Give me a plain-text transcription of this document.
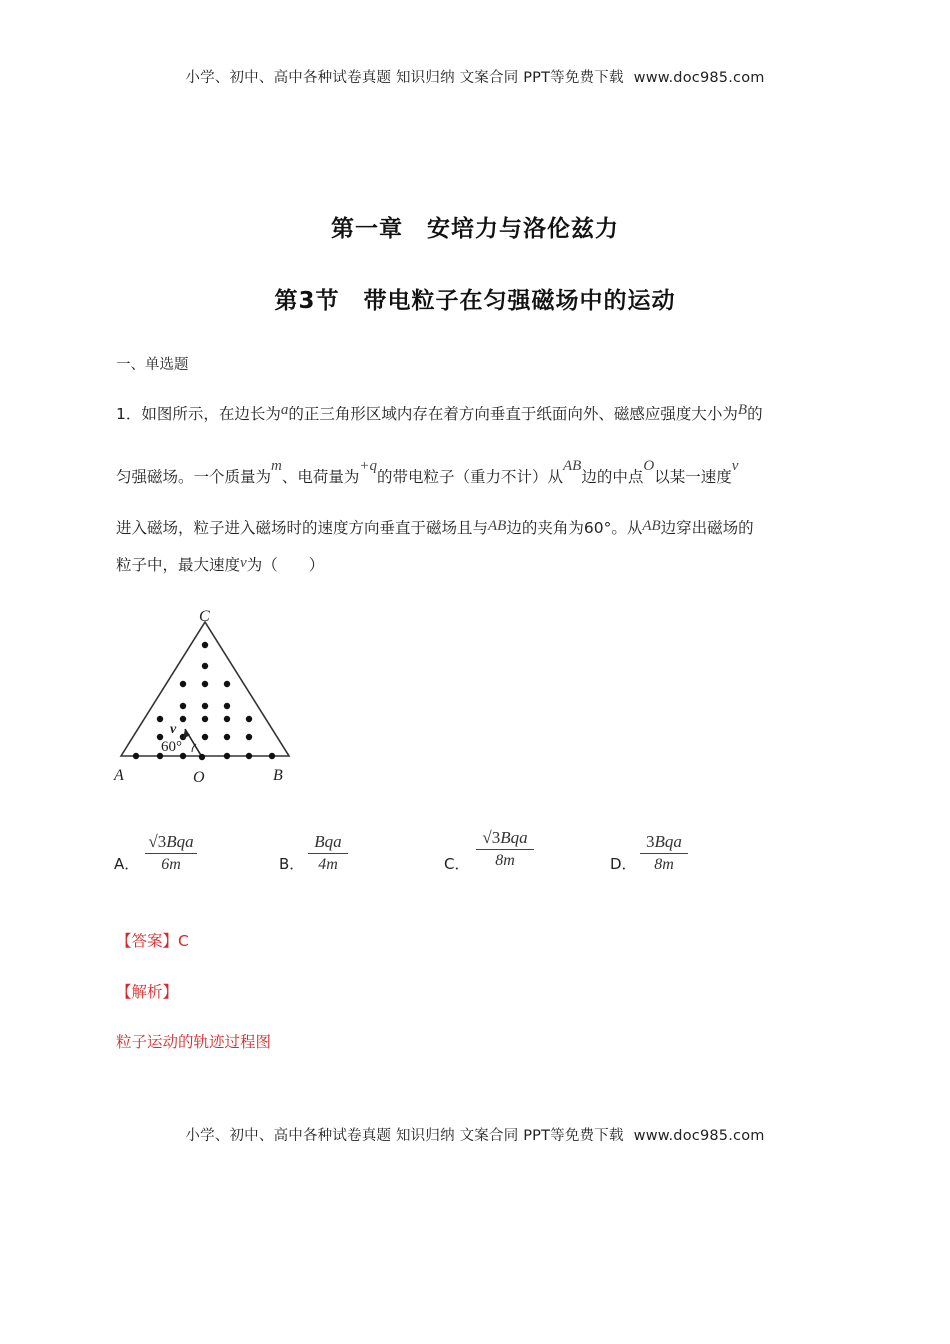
小学、初中、高中各种试卷真题 知识归纳 文案合同 PPT等免费下载 www.doc985.com
第一章　安培力与洛伦兹力
第3节　带电粒子在匀强磁场中的运动
一、单选题
1．如图所示，在边长为a的正三角形区域内存在着方向垂直于纸面向外、磁感应强度大小为B的
匀强磁场。一个质量为m、电荷量为+q的带电粒子（重力不计）从AB边的中点O以某一速度v
进入磁场，粒子进入磁场时的速度方向垂直于磁场且与AB边的夹角为60°。从AB边穿出磁场的
粒子中，最大速度v为（　　）
A	B
C
O
v
60°
A．
√3Bqa
6m	B．
Bqa
4m	C．
√3Bqa
8m	D．
3Bqa
8m
【答案】C
【解析】
粒子运动的轨迹过程图
小学、初中、高中各种试卷真题 知识归纳 文案合同 PPT等免费下载 www.doc985.com
